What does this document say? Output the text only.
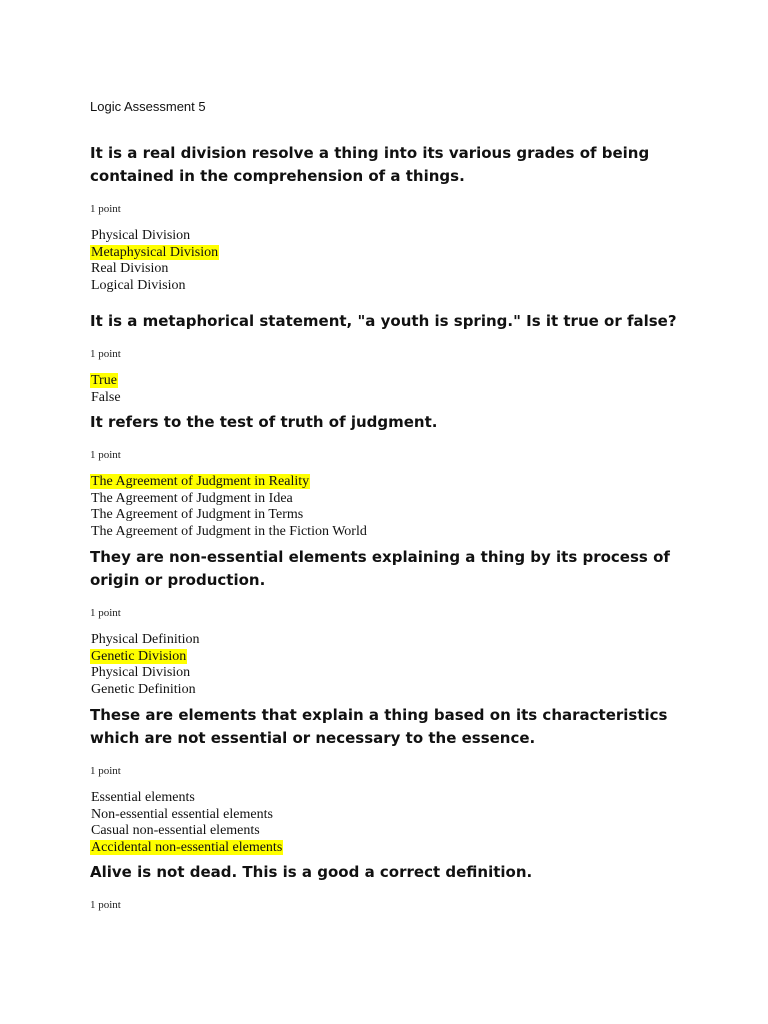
Logic Assessment 5

It is a real division resolve a thing into its various grades of being contained in the comprehension of a things.

1 point
Physical Division
Metaphysical Division
Real Division
Logical Division

It is a metaphorical statement, "a youth is spring." Is it true or false?

1 point
True
False

It refers to the test of truth of judgment.

1 point
The Agreement of Judgment in Reality
The Agreement of Judgment in Idea
The Agreement of Judgment in Terms
The Agreement of Judgment in the Fiction World

They are non-essential elements explaining a thing by its process of origin or production.

1 point
Physical Definition
Genetic Division
Physical Division
Genetic Definition

These are elements that explain a thing based on its characteristics which are not essential or necessary to the essence.

1 point
Essential elements
Non-essential essential elements
Casual non-essential elements
Accidental non-essential elements

Alive is not dead. This is a good a correct definition.

1 point
